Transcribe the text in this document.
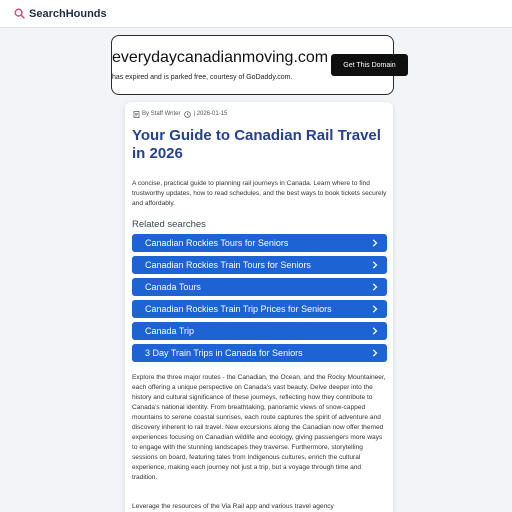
SearchHounds
everydaycanadianmoving.com
has expired and is parked free, courtesy of GoDaddy.com.
Get This Domain
By Staff Writer | 2026-01-15
Your Guide to Canadian Rail Travel in 2026

A concise, practical guide to planning rail journeys in Canada. Learn where to find trustworthy updates, how to read schedules, and the best ways to book tickets securely and affordably.

Related searches
Canadian Rockies Tours for Seniors
Canadian Rockies Train Tours for Seniors
Canada Tours
Canadian Rockies Train Trip Prices for Seniors
Canada Trip
3 Day Train Trips in Canada for Seniors

Explore the three major routes - the Canadian, the Ocean, and the Rocky Mountaineer, each offering a unique perspective on Canada's vast beauty. Delve deeper into the history and cultural significance of these journeys, reflecting how they contribute to Canada's national identity. From breathtaking, panoramic views of snow-capped mountains to serene coastal sunrises, each route captures the spirit of adventure and discovery inherent to rail travel. New excursions along the Canadian now offer themed experiences focusing on Canadian wildlife and ecology, giving passengers more ways to engage with the stunning landscapes they traverse. Furthermore, storytelling sessions on board, featuring tales from Indigenous cultures, enrich the cultural experience, making each journey not just a trip, but a voyage through time and tradition.

Leverage the resources of the Via Rail app and various travel agency
